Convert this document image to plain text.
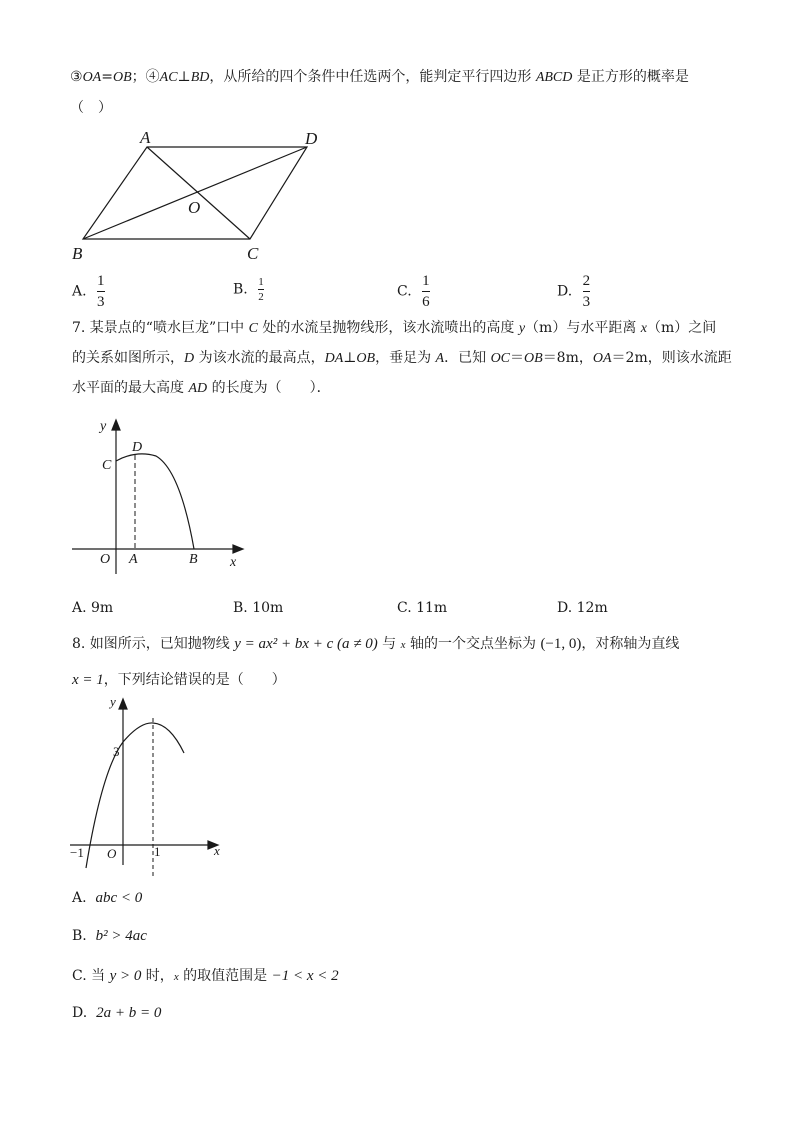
③OA=OB；④AC⊥BD，从所给的四个条件中任选两个，能判定平行四边形 ABCD 是正方形的概率是
（　）
A	D
O
B	C
A. $\frac{1}{3}$	B. $\frac{1}{2}$	C. $\frac{1}{6}$	D. $\frac{2}{3}$
7. 某景点的“喷水巨龙”口中 C 处的水流呈抛物线形，该水流喷出的高度 y（m）与水平距离 x（m）之间
的关系如图所示，D 为该水流的最高点，DA⊥OB，垂足为 A．已知 OC＝OB＝8m，OA＝2m，则该水流距
水平面的最大高度 AD 的长度为（　　）．
y
D
C
O A	B x
A. 9m	B. 10m	C. 11m	D. 12m
8. 如图所示，已知抛物线 y = ax² + bx + c (a ≠ 0) 与 x 轴的一个交点坐标为 (−1, 0)，对称轴为直线
x = 1，下列结论错误的是（　　）
y
3
−1 O	1	x
A. abc < 0
B. b² > 4ac
C. 当 y > 0 时，x 的取值范围是 −1 < x < 2
D. 2a + b = 0
